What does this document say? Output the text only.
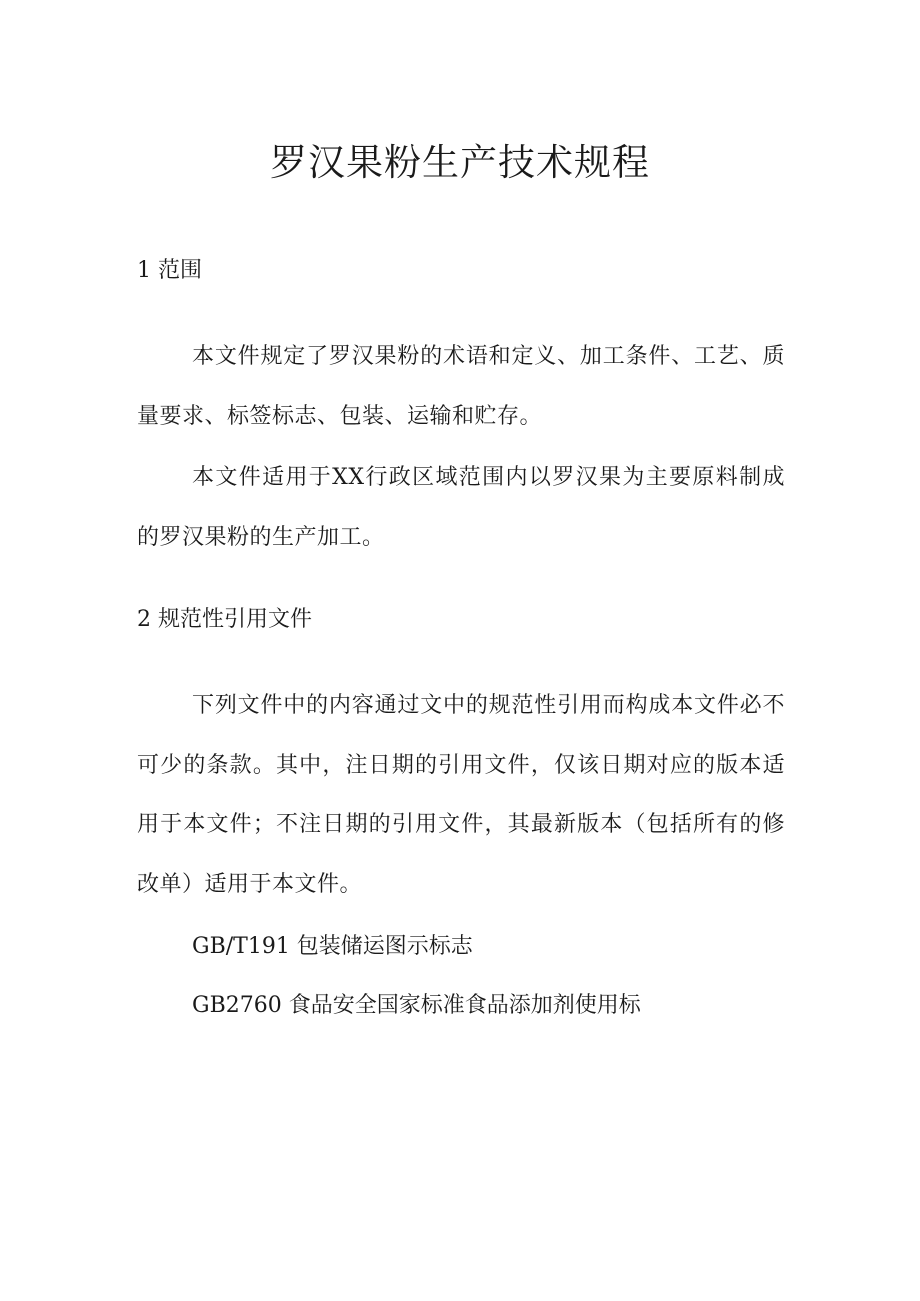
罗汉果粉生产技术规程
1 范围

本文件规定了罗汉果粉的术语和定义、加工条件、工艺、质量要求、标签标志、包装、运输和贮存。

本文件适用于XX行政区域范围内以罗汉果为主要原料制成的罗汉果粉的生产加工。

2 规范性引用文件

下列文件中的内容通过文中的规范性引用而构成本文件必不可少的条款。其中，注日期的引用文件，仅该日期对应的版本适用于本文件；不注日期的引用文件，其最新版本（包括所有的修改单）适用于本文件。

GB/T191 包装储运图示标志

GB2760 食品安全国家标准食品添加剂使用标
